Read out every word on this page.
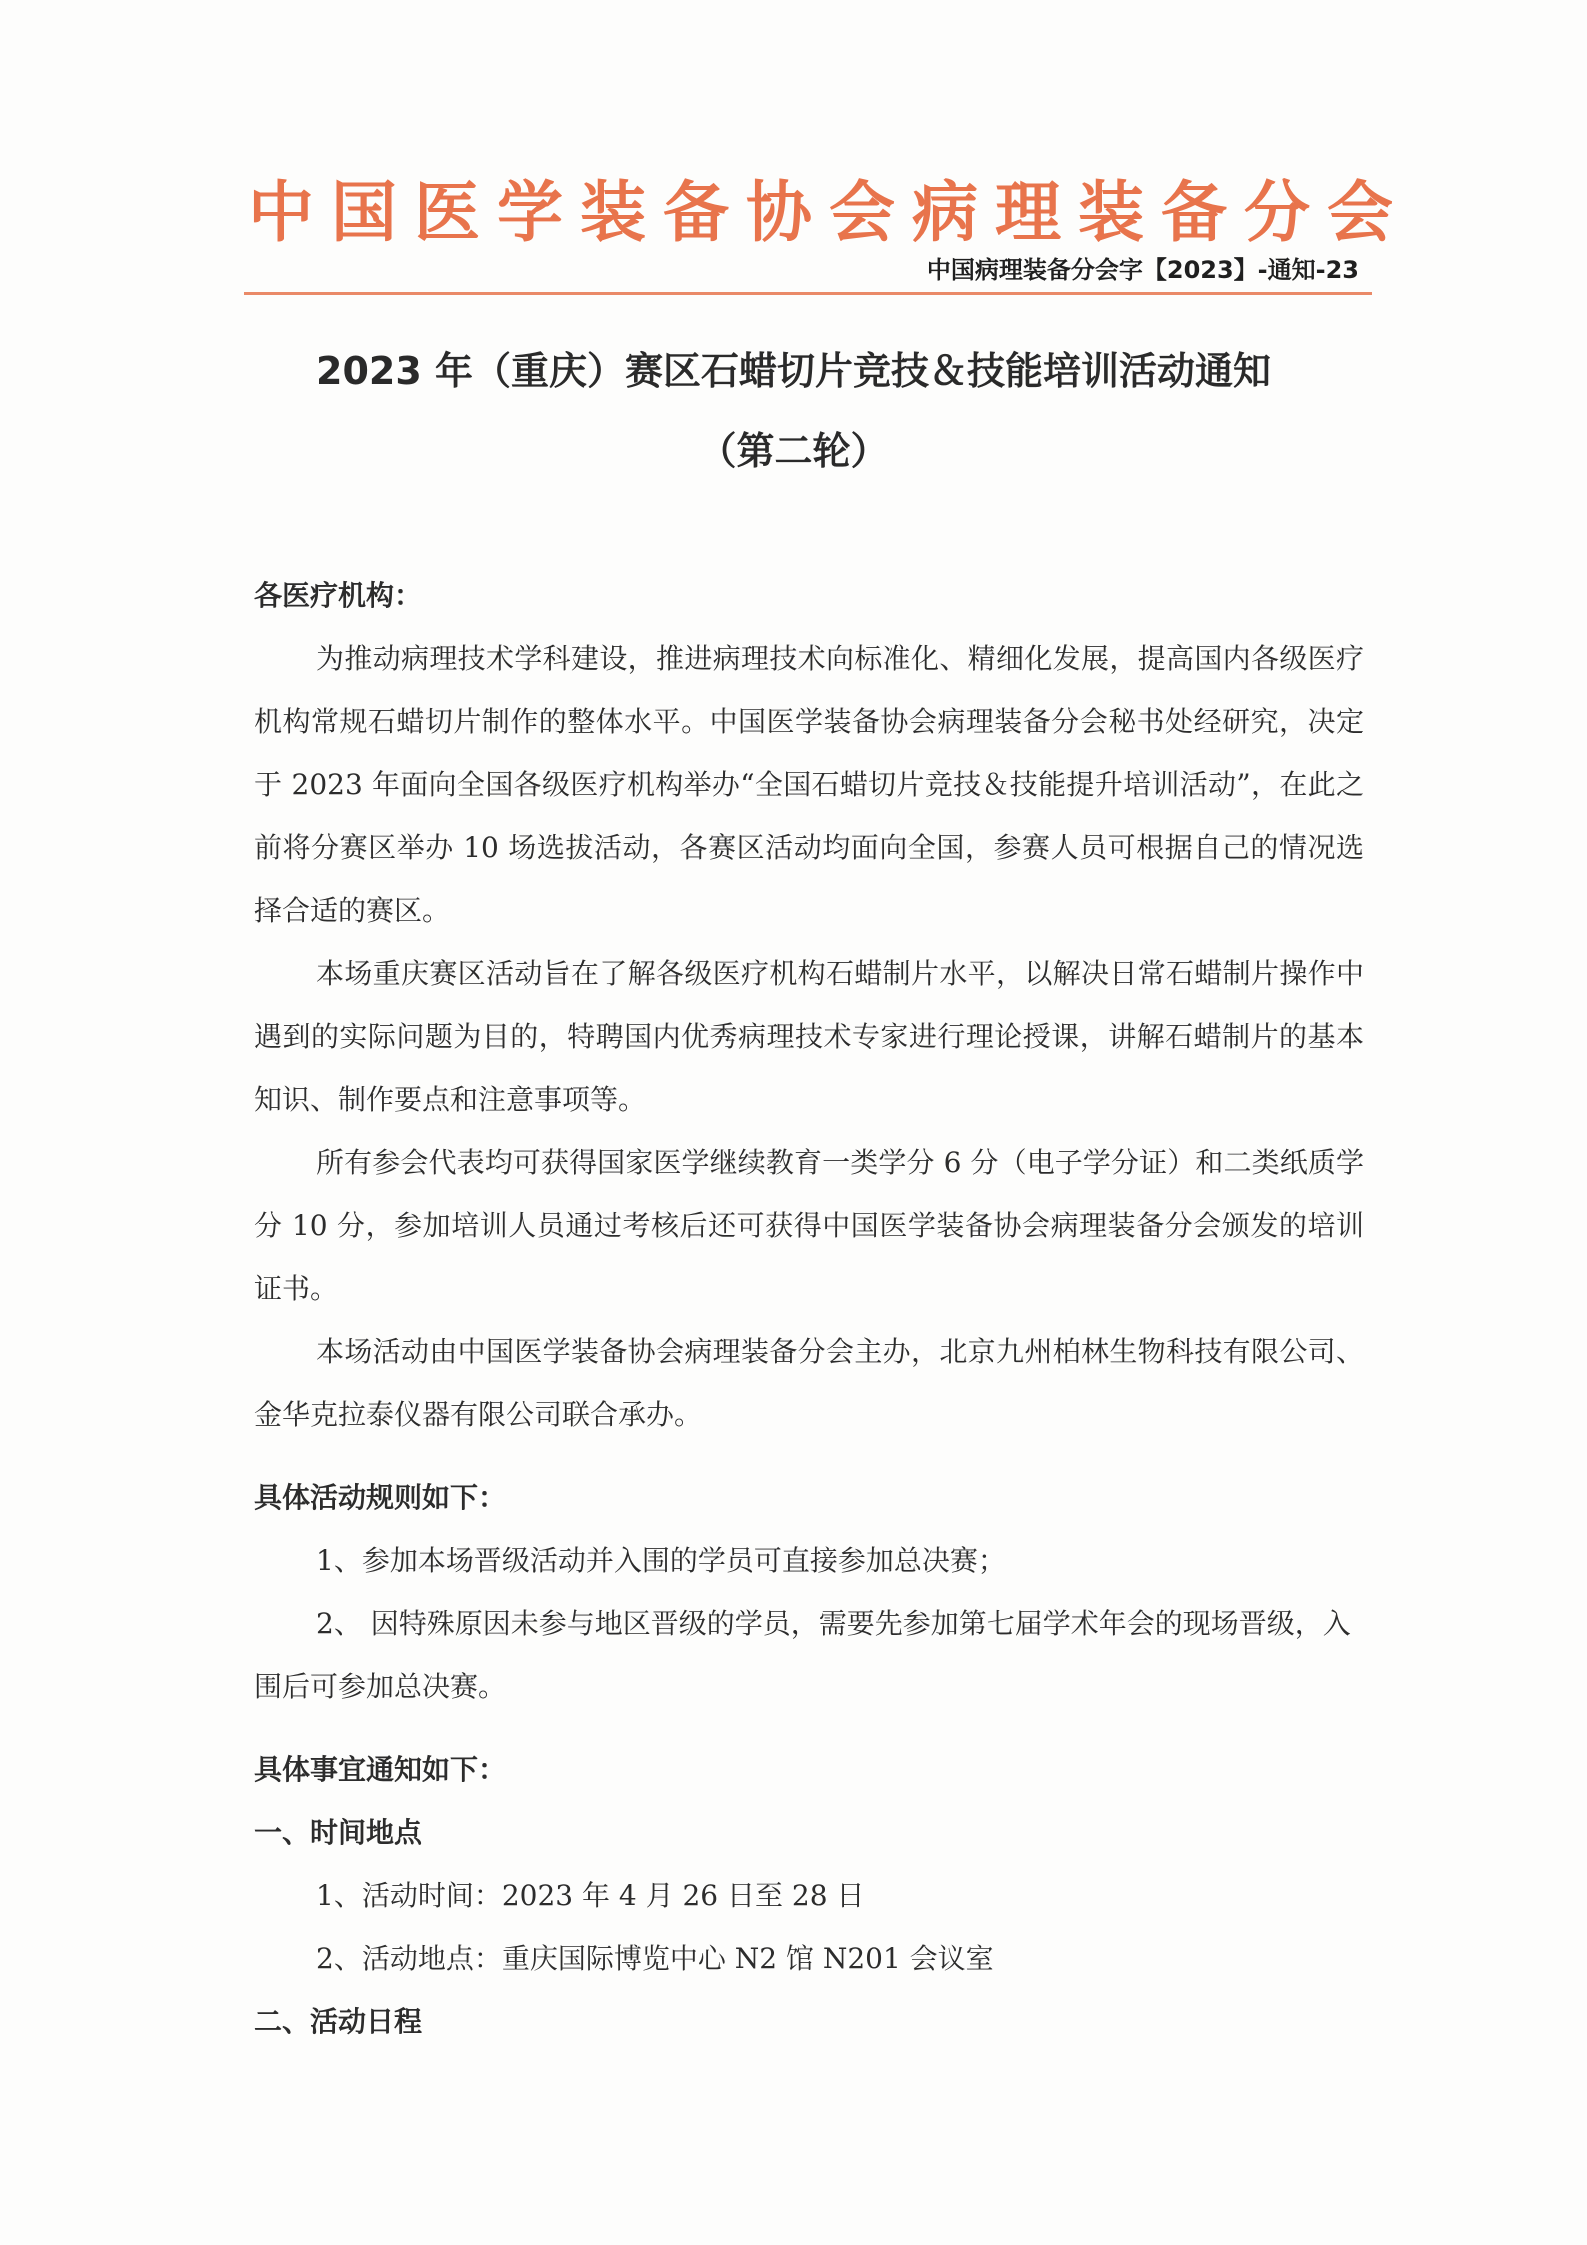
中国医学装备协会病理装备分会

中国病理装备分会字【2023】-通知-23

2023 年（重庆）赛区石蜡切片竞技＆技能培训活动通知
（第二轮）

各医疗机构：

为推动病理技术学科建设，推进病理技术向标准化、精细化发展，提高国内各级医疗机构常规石蜡切片制作的整体水平。中国医学装备协会病理装备分会秘书处经研究，决定于 2023 年面向全国各级医疗机构举办“全国石蜡切片竞技＆技能提升培训活动”，在此之前将分赛区举办 10 场选拔活动，各赛区活动均面向全国，参赛人员可根据自己的情况选择合适的赛区。

本场重庆赛区活动旨在了解各级医疗机构石蜡制片水平，以解决日常石蜡制片操作中遇到的实际问题为目的，特聘国内优秀病理技术专家进行理论授课，讲解石蜡制片的基本知识、制作要点和注意事项等。

所有参会代表均可获得国家医学继续教育一类学分 6 分（电子学分证）和二类纸质学分 10 分，参加培训人员通过考核后还可获得中国医学装备协会病理装备分会颁发的培训证书。

本场活动由中国医学装备协会病理装备分会主办，北京九州柏林生物科技有限公司、金华克拉泰仪器有限公司联合承办。

具体活动规则如下：

1、参加本场晋级活动并入围的学员可直接参加总决赛；

2、 因特殊原因未参与地区晋级的学员，需要先参加第七届学术年会的现场晋级，入围后可参加总决赛。

具体事宜通知如下：

一、时间地点

1、活动时间：2023 年 4 月 26 日至 28 日

2、活动地点：重庆国际博览中心 N2 馆 N201 会议室

二、活动日程
